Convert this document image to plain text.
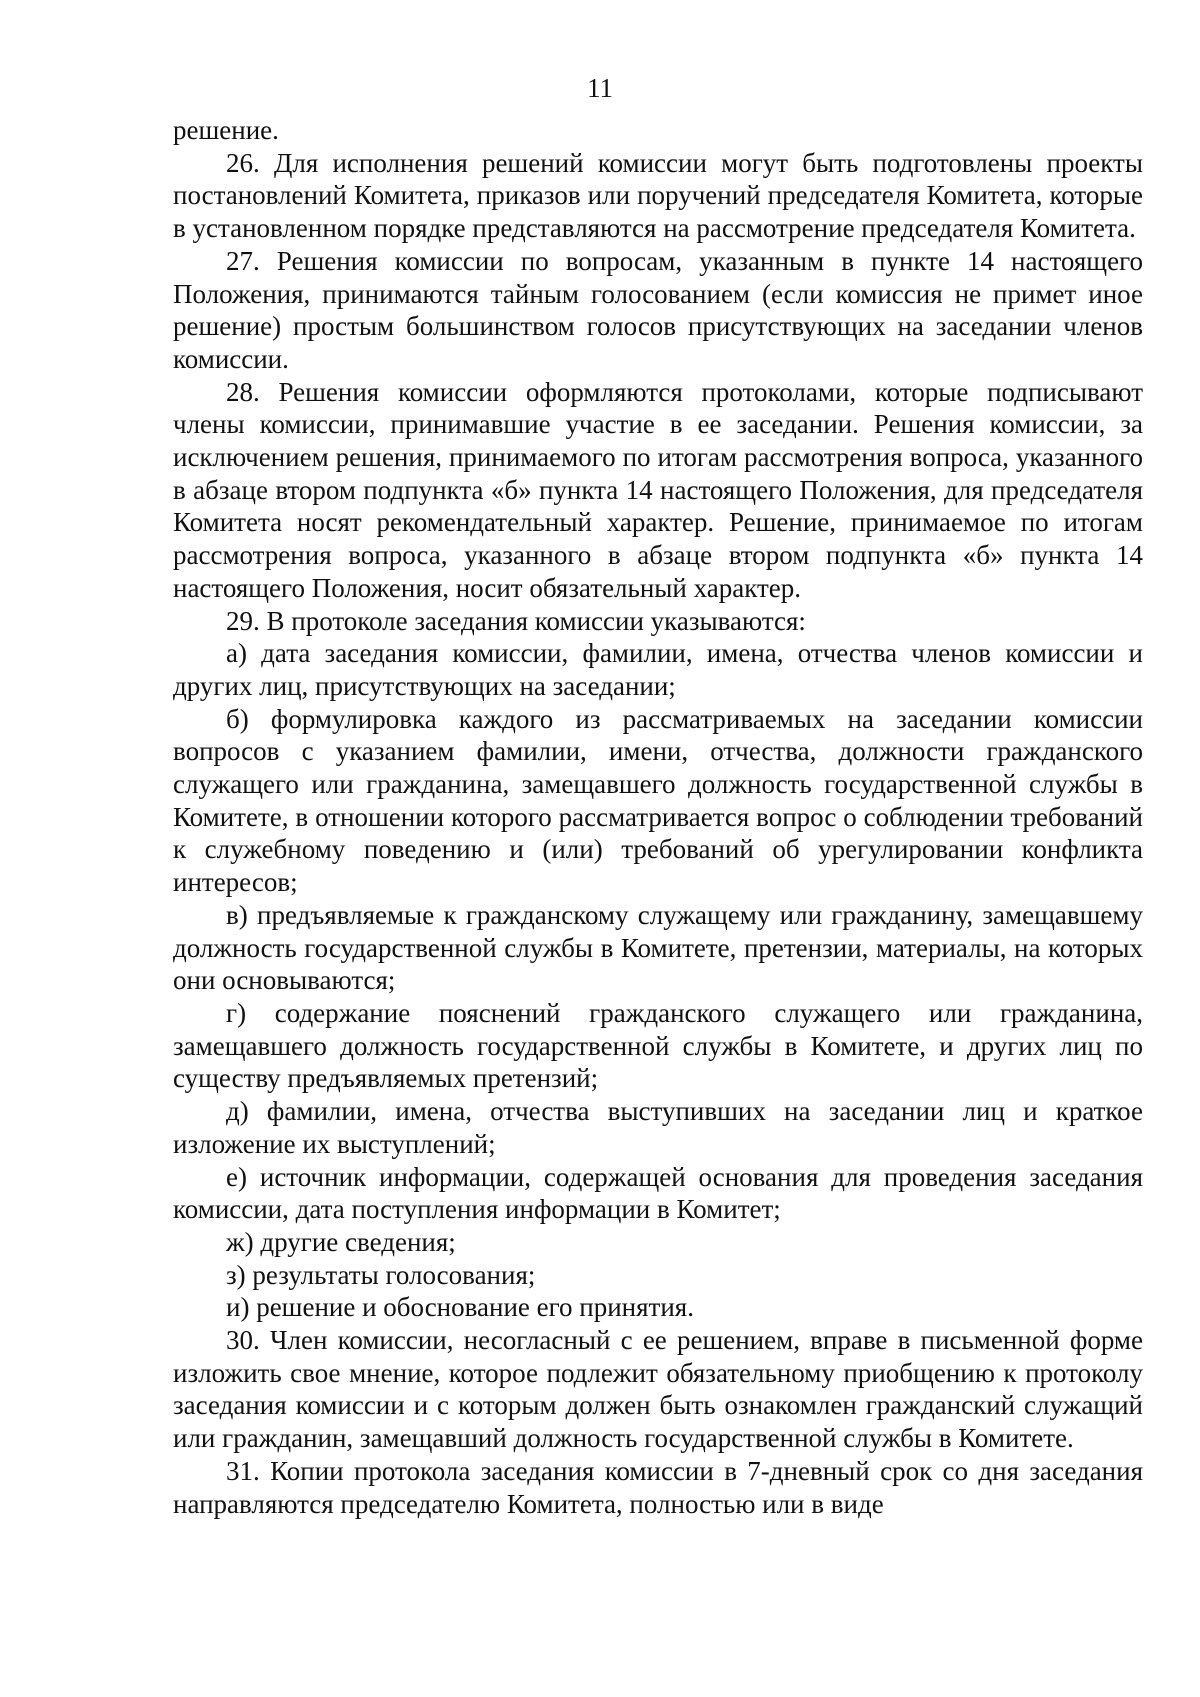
11

решение.

26. Для исполнения решений комиссии могут быть подготовлены проекты постановлений Комитета, приказов или поручений председателя Комитета, которые в установленном порядке представляются на рассмотрение председателя Комитета.

27. Решения комиссии по вопросам, указанным в пункте 14 настоящего Положения, принимаются тайным голосованием (если комиссия не примет иное решение) простым большинством голосов присутствующих на заседании членов комиссии.

28. Решения комиссии оформляются протоколами, которые подписывают члены комиссии, принимавшие участие в ее заседании. Решения комиссии, за исключением решения, принимаемого по итогам рассмотрения вопроса, указанного в абзаце втором подпункта «б» пункта 14 настоящего Положения, для председателя Комитета носят рекомендательный характер. Решение, принимаемое по итогам рассмотрения вопроса, указанного в абзаце втором подпункта «б» пункта 14 настоящего Положения, носит обязательный характер.

29. В протоколе заседания комиссии указываются:

а) дата заседания комиссии, фамилии, имена, отчества членов комиссии и других лиц, присутствующих на заседании;

б) формулировка каждого из рассматриваемых на заседании комиссии вопросов с указанием фамилии, имени, отчества, должности гражданского служащего или гражданина, замещавшего должность государственной службы в Комитете, в отношении которого рассматривается вопрос о соблюдении требований к служебному поведению и (или) требований об урегулировании конфликта интересов;

в) предъявляемые к гражданскому служащему или гражданину, замещавшему должность государственной службы в Комитете, претензии, материалы, на которых они основываются;

г) содержание пояснений гражданского служащего или гражданина, замещавшего должность государственной службы в Комитете, и других лиц по существу предъявляемых претензий;

д) фамилии, имена, отчества выступивших на заседании лиц и краткое изложение их выступлений;

е) источник информации, содержащей основания для проведения заседания комиссии, дата поступления информации в Комитет;

ж) другие сведения;

з) результаты голосования;

и) решение и обоснование его принятия.

30. Член комиссии, несогласный с ее решением, вправе в письменной форме изложить свое мнение, которое подлежит обязательному приобщению к протоколу заседания комиссии и с которым должен быть ознакомлен гражданский служащий или гражданин, замещавший должность государственной службы в Комитете.

31. Копии протокола заседания комиссии в 7-дневный срок со дня заседания направляются председателю Комитета, полностью или в виде
